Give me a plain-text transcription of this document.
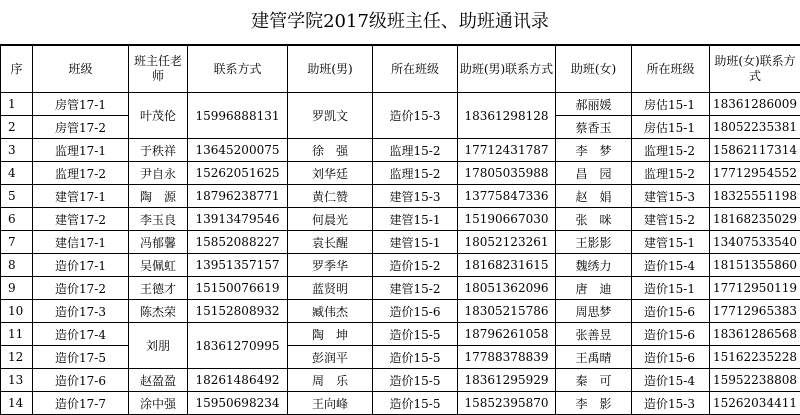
建管学院2017级班主任、助班通讯录
序	班级	班主任老师	联系方式	助班(男)	所在班级	助班(男)联系方式	助班(女)	所在班级	助班(女)联系方式
1	房管17-1	叶茂伦	15996888131	罗凯文	造价15-3	18361298128	郝丽媛	房估15-1	18361286009
2	房管17-2						蔡香玉	房估15-1	18052235381
3	监理17-1	于秩祥	13645200075	徐　强	监理15-2	17712431787	李　梦	监理15-2	15862117314
4	监理17-2	尹自永	15262051625	刘华廷	监理15-2	17805035988	昌　园	监理15-2	17712954552
5	建管17-1	陶　源	18796238771	黄仁赞	建管15-3	13775847336	赵　娟	建管15-3	18325551198
6	建管17-2	李玉良	13913479546	何晨光	建管15-1	15190667030	张　咪	建管15-2	18168235029
7	建信17-1	冯郁馨	15852088227	袁长醒	建管15-1	18052123261	王影影	建管15-1	13407533540
8	造价17-1	吴佩虹	13951357157	罗季华	造价15-2	18168231615	魏绣力	造价15-4	18151355860
9	造价17-2	王德才	15150076619	蓝贤明	建管15-2	18051362096	唐　迪	造价15-1	17712950119
10	造价17-3	陈杰荣	15152808932	臧伟杰	造价15-6	18305215786	周思梦	造价15-6	17712965383
11	造价17-4	刘朋	18361270995	陶　坤	造价15-5	18796261058	张善昱	造价15-6	18361286568
12	造价17-5			彭润平	造价15-5	17788378839	王禹晴	造价15-6	15162235228
13	造价17-6	赵盈盈	18261486492	周　乐	造价15-5	18361295929	秦　可	造价15-4	15952238808
14	造价17-7	涂中强	15950698234	王向峰	造价15-5	15852395870	李　影	造价15-3	15262034411
